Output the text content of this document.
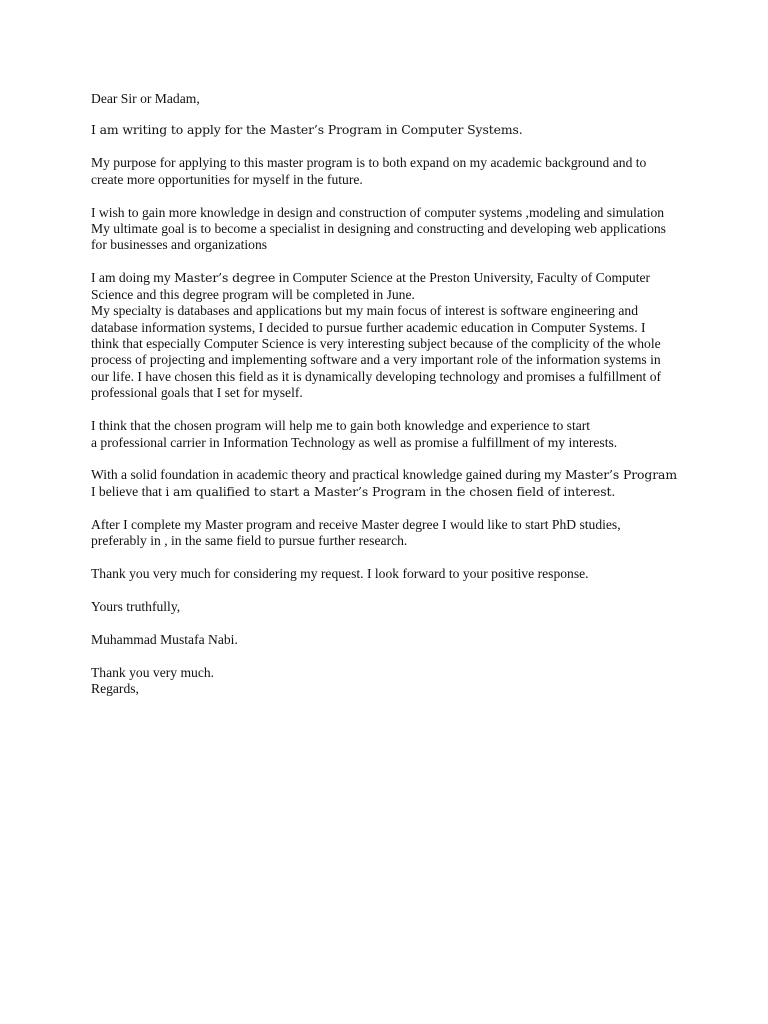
Dear Sir or Madam,

I am writing to apply for the Master’s Program in Computer Systems.

My purpose for applying to this master program is to both expand on my academic background and to
create more opportunities for myself in the future.

I wish to gain more knowledge in design and construction of computer systems ,modeling and simulation
My ultimate goal is to become a specialist in designing and constructing and developing web applications
for businesses and organizations

I am doing my Master’s degree in Computer Science at the Preston University, Faculty of Computer
Science and this degree program will be completed in June.
My specialty is databases and applications but my main focus of interest is software engineering and
database information systems, I decided to pursue further academic education in Computer Systems. I
think that especially Computer Science is very interesting subject because of the complicity of the whole
process of projecting and implementing software and a very important role of the information systems in
our life. I have chosen this field as it is dynamically developing technology and promises a fulfillment of
professional goals that I set for myself.

I think that the chosen program will help me to gain both knowledge and experience to start
a professional carrier in Information Technology as well as promise a fulfillment of my interests.

With a solid foundation in academic theory and practical knowledge gained during my Master’s Program
I believe that i am qualified to start a Master’s Program in the chosen field of interest.

After I complete my Master program and receive Master degree I would like to start PhD studies,
preferably in , in the same field to pursue further research.

Thank you very much for considering my request. I look forward to your positive response.

Yours truthfully,

Muhammad Mustafa Nabi.

Thank you very much.
Regards,
